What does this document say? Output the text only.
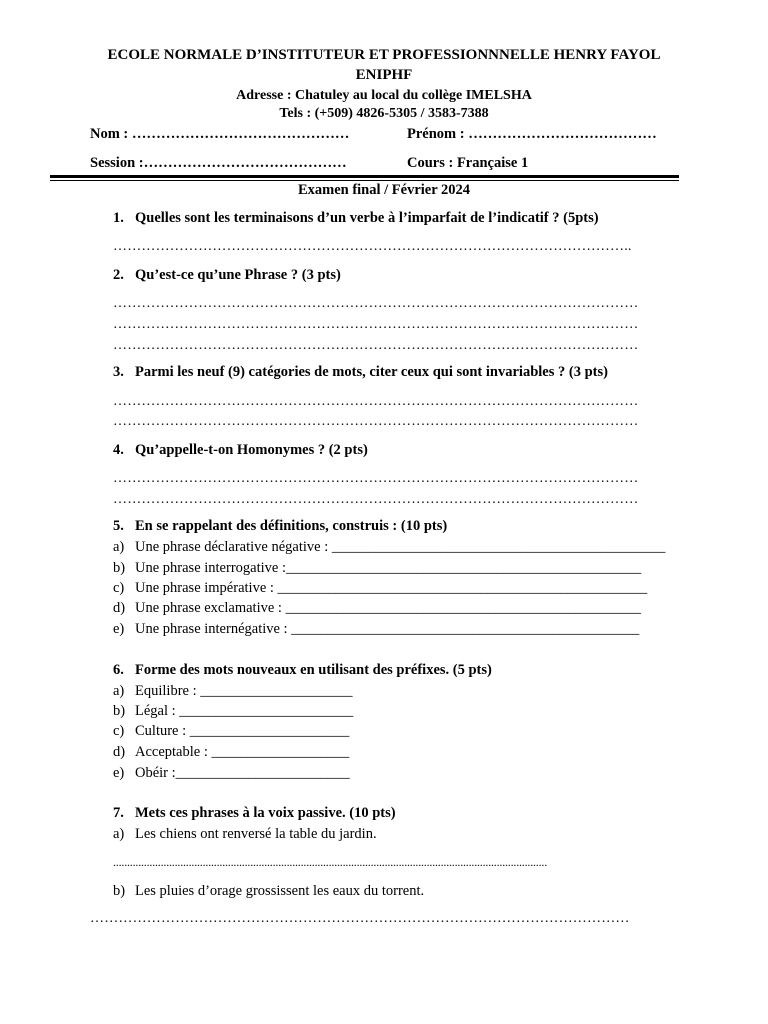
ECOLE NORMALE D’INSTITUTEUR ET PROFESSIONNNELLE HENRY FAYOL
ENIPHF
Adresse : Chatuley au local du collège IMELSHA
Tels : (+509) 4826-5305 / 3583-7388
Nom : ………………………………………	Prénom : …………………………………
Session :……………………………………	Cours : Française 1
Examen final / Février 2024
1. Quelles sont les terminaisons d’un verbe à l’imparfait de l’indicatif ? (5pts)
………………………………………………………………………………………………..
2. Qu’est-ce qu’une Phrase ? (3 pts)
…………………………………………………………………………………………………
…………………………………………………………………………………………………
…………………………………………………………………………………………………
3. Parmi les neuf (9) catégories de mots, citer ceux qui sont invariables ? (3 pts)
…………………………………………………………………………………………………
…………………………………………………………………………………………………
4. Qu’appelle-t-on Homonymes ? (2 pts)
…………………………………………………………………………………………………
…………………………………………………………………………………………………
5. En se rappelant des définitions, construis : (10 pts)
a) Une phrase déclarative négative : ______________________________________________
b) Une phrase interrogative :_________________________________________________
c) Une phrase impérative : ___________________________________________________
d) Une phrase exclamative : _________________________________________________
e) Une phrase internégative : ________________________________________________
6. Forme des mots nouveaux en utilisant des préfixes. (5 pts)
a) Equilibre : _____________________
b) Légal : ________________________
c) Culture : ______________________
d) Acceptable : ___________________
e) Obéir :________________________
7. Mets ces phrases à la voix passive. (10 pts)
a) Les chiens ont renversé la table du jardin.
...........................................................................................................................................................
b) Les pluies d’orage grossissent les eaux du torrent.
……………………………………………………………………………………………………
